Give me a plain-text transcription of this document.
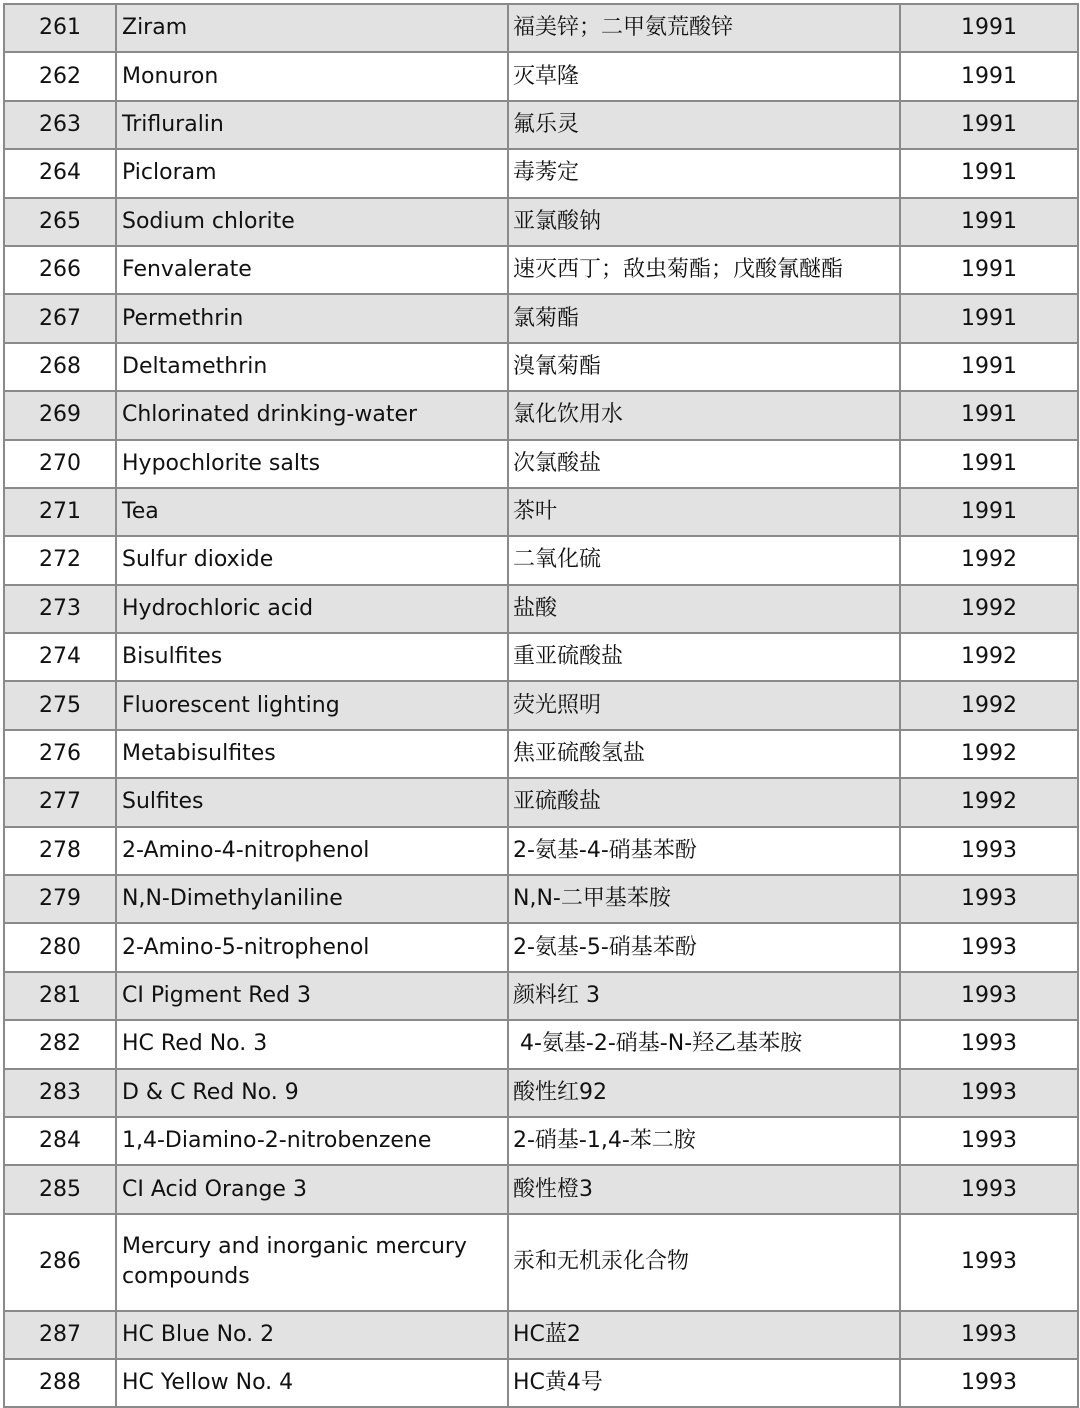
261	Ziram	福美锌；二甲氨荒酸锌	1991
262	Monuron	灭草隆	1991
263	Trifluralin	氟乐灵	1991
264	Picloram	毒莠定	1991
265	Sodium chlorite	亚氯酸钠	1991
266	Fenvalerate	速灭西丁；敌虫菊酯；戊酸氰醚酯	1991
267	Permethrin	氯菊酯	1991
268	Deltamethrin	溴氰菊酯	1991
269	Chlorinated drinking-water	氯化饮用水	1991
270	Hypochlorite salts	次氯酸盐	1991
271	Tea	茶叶	1991
272	Sulfur dioxide	二氧化硫	1992
273	Hydrochloric acid	盐酸	1992
274	Bisulfites	重亚硫酸盐	1992
275	Fluorescent lighting	荧光照明	1992
276	Metabisulfites	焦亚硫酸氢盐	1992
277	Sulfites	亚硫酸盐	1992
278	2-Amino-4-nitrophenol	2-氨基-4-硝基苯酚	1993
279	N,N-Dimethylaniline	N,N-二甲基苯胺	1993
280	2-Amino-5-nitrophenol	2-氨基-5-硝基苯酚	1993
281	CI Pigment Red 3	颜料红 3	1993
282	HC Red No. 3	4-氨基-2-硝基-N-羟乙基苯胺	1993
283	D & C Red No. 9	酸性红92	1993
284	1,4-Diamino-2-nitrobenzene	2-硝基-1,4-苯二胺	1993
285	CI Acid Orange 3	酸性橙3	1993
286	Mercury and inorganic mercury compounds	汞和无机汞化合物	1993
287	HC Blue No. 2	HC蓝2	1993
288	HC Yellow No. 4	HC黄4号	1993
